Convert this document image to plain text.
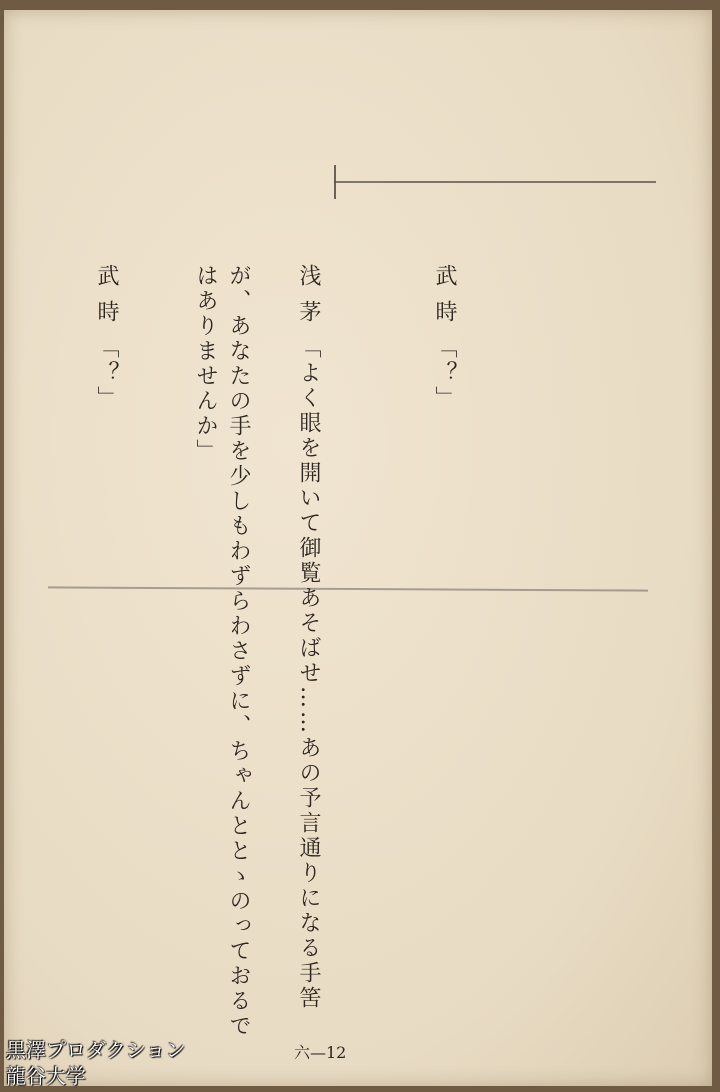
武時「？」

浅茅「よく眼を開いて御覧あそばせ……あの予言通りになる手筈が、あなたの手を少しもわずらわさずに、ちゃんととゝのっておるではありませんか」

武時「？」

六—12
黒澤プロダクション
龍谷大学
